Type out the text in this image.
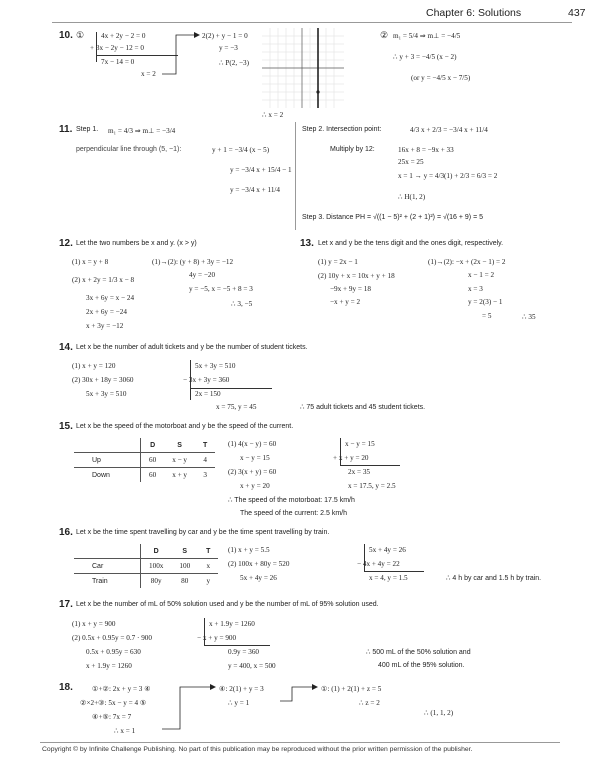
Chapter 6: Solutions	437
10. ① 4x + 2y − 2 = 0
+ 3x − 2y − 12 = 0
7x − 14 = 0
x = 2
2(2) + y − 1 = 0
y = −3
∴ P(2, −3)
∴ x = 2
② m₁ = 5/4 ⇒ m⊥ = −4/5
∴ y + 3 = −4/5 (x − 2)
(or y = −4/5 x − 7/5)
11. Step 1. m₁ = 4/3 ⇒ m⊥ = −3/4
perpendicular line through (5, −1):	y + 1 = −3/4 (x − 5)
y = −3/4 x + 15/4 − 1
y = −3/4 x + 11/4
Step 2. Intersection point:	4/3 x + 2/3 = −3/4 x + 11/4
Multiply by 12:	16x + 8 = −9x + 33
25x = 25
x = 1 → y = 4/3(1) + 2/3 = 6/3 = 2
∴ H(1, 2)
Step 3. Distance PH = √((1 − 5)² + (2 + 1)²) = √(16 + 9) = 5
12. Let the two numbers be x and y. (x > y)
(1) x = y + 8
(2) x + 2y = 1/3 x − 8
3x + 6y = x − 24
2x + 6y = −24
x + 3y = −12
(1)→(2): (y + 8) + 3y = −12
4y = −20
y = −5, x = −5 + 8 = 3
∴ 3, −5
13. Let x and y be the tens digit and the ones digit, respectively.
(1) y = 2x − 1
(2) 10y + x = 10x + y + 18
−9x + 9y = 18
−x + y = 2
(1)→(2): −x + (2x − 1) = 2
x − 1 = 2
x = 3
y = 2(3) − 1
= 5	∴ 35
14. Let x be the number of adult tickets and y be the number of student tickets.
(1) x + y = 120
(2) 30x + 18y = 3060
5x + 3y = 510
5x + 3y = 510
− 3x + 3y = 360
2x = 150
x = 75, y = 45	∴ 75 adult tickets and 45 student tickets.
15. Let x be the speed of the motorboat and y be the speed of the current.
	D	S	T
Up	60	x − y	4
Down	60	x + y	3
(1) 4(x − y) = 60
x − y = 15
(2) 3(x + y) = 60
x + y = 20
x − y = 15
+ x + y = 20
2x = 35
x = 17.5, y = 2.5
∴ The speed of the motorboat: 17.5 km/h
The speed of the current: 2.5 km/h
16. Let x be the time spent travelling by car and y be the time spent travelling by train.
	D	S	T
Car	100x	100	x
Train	80y	80	y
(1) x + y = 5.5
(2) 100x + 80y = 520
5x + 4y = 26
5x + 4y = 26
− 4x + 4y = 22
x = 4, y = 1.5	∴ 4 h by car and 1.5 h by train.
17. Let x be the number of mL of 50% solution used and y be the number of mL of 95% solution used.
(1) x + y = 900
(2) 0.5x + 0.95y = 0.7 · 900
0.5x + 0.95y = 630
x + 1.9y = 1260
x + 1.9y = 1260
− x + y = 900
0.9y = 360
y = 400, x = 500
∴ 500 mL of the 50% solution and
400 mL of the 95% solution.
18.	①+②: 2x + y = 3 ④
②×2+③: 5x − y = 4 ⑤
④+⑤: 7x = 7
∴ x = 1
④: 2(1) + y = 3
∴ y = 1
①: (1) + 2(1) + z = 5
∴ z = 2
∴ (1, 1, 2)
Copyright © by Infinite Challenge Publishing. No part of this publication may be reproduced without the prior written permission of the publisher.
